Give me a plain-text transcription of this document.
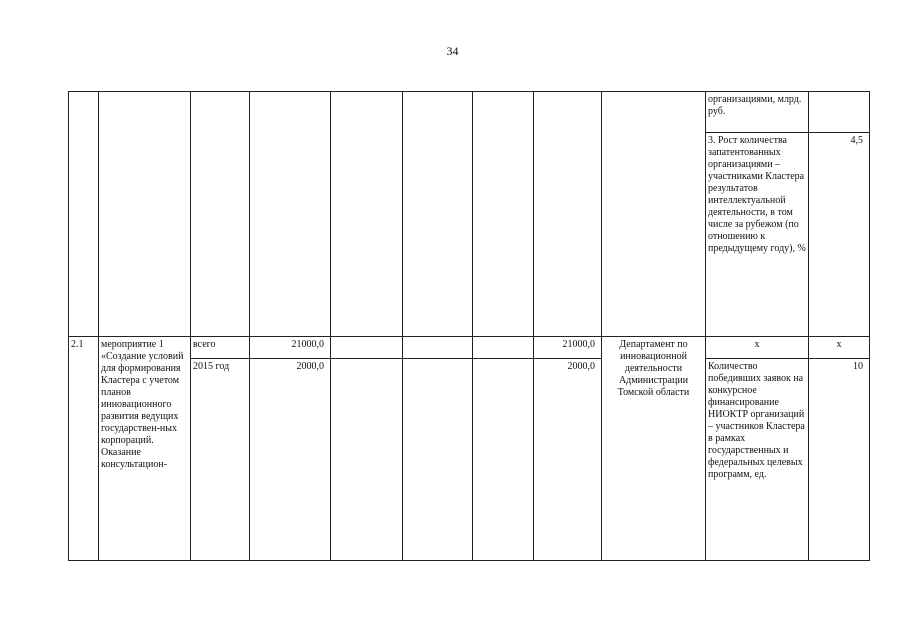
34

									организациями, млрд. руб.	

									3. Рост количества запатентованных организациями – участниками Кластера результатов интеллектуальной деятельности, в том числе за рубежом (по отношению к предыдущему году), %	4,5
2.1	мероприятие 1 «Создание условий для формирования Кластера с учетом планов инновационного развития ведущих государствен-ных корпораций. Оказание консультацион-	всего	21000,0				21000,0	Департамент по инновационной деятельности Администрации Томской области	х	х
		2015 год	2000,0				2000,0		Количество победивших заявок на конкурсное финансирование НИОКТР организаций – участников Кластера в рамках государственных и федеральных целевых программ, ед.	10
